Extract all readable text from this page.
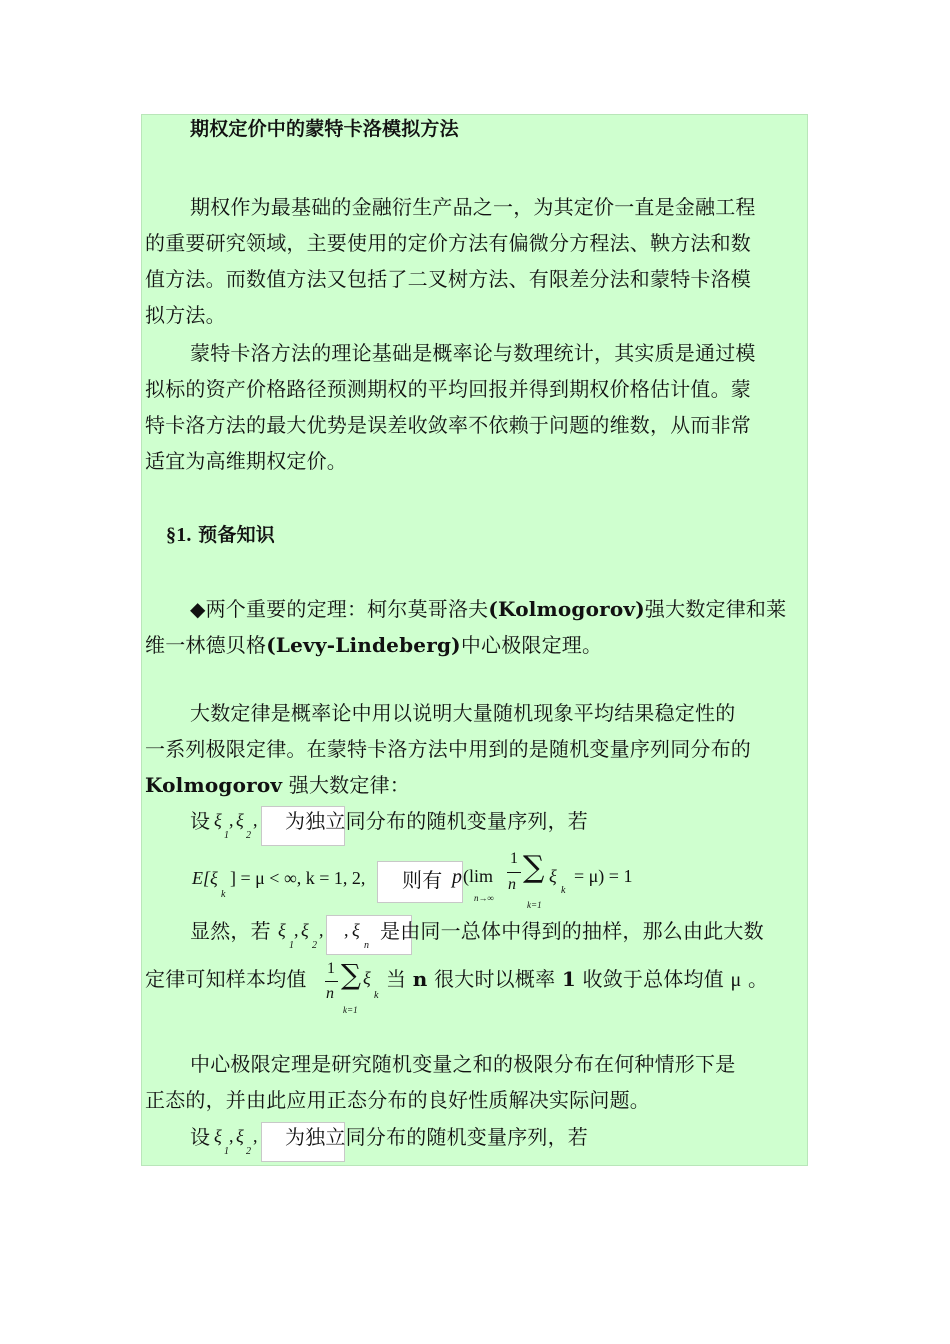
期权定价中的蒙特卡洛模拟方法
期权作为最基础的金融衍生产品之一，为其定价一直是金融工程
的重要研究领域，主要使用的定价方法有偏微分方程法、鞅方法和数
值方法。而数值方法又包括了二叉树方法、有限差分法和蒙特卡洛模
拟方法。
蒙特卡洛方法的理论基础是概率论与数理统计，其实质是通过模
拟标的资产价格路径预测期权的平均回报并得到期权价格估计值。蒙
特卡洛方法的最大优势是误差收敛率不依赖于问题的维数，从而非常
适宜为高维期权定价。
§1. 预备知识
◆两个重要的定理：柯尔莫哥洛夫(Kolmogorov)强大数定律和莱
维一林德贝格(Levy-Lindeberg)中心极限定理。
大数定律是概率论中用以说明大量随机现象平均结果稳定性的
一系列极限定律。在蒙特卡洛方法中用到的是随机变量序列同分布的
Kolmogorov 强大数定律：
设 ξ
1
, ξ
2
, 为独立同分布的随机变量序列，若
E[ξ
k
] = μ < ∞, k = 1, 2, 则有 p (lim
n→∞
1
n ∑
k=1
ξ
k
= μ) = 1
显然，若 ξ
1
, ξ
2
, , ξ
n
是由同一总体中得到的抽样，那么由此大数
定律可知样本均值 1
n
∑
k=1
ξ
k
当 n 很大时以概率 1 收敛于总体均值 μ 。
中心极限定理是研究随机变量之和的极限分布在何种情形下是
正态的，并由此应用正态分布的良好性质解决实际问题。
设 ξ
1
, ξ
2
, 为独立同分布的随机变量序列，若
